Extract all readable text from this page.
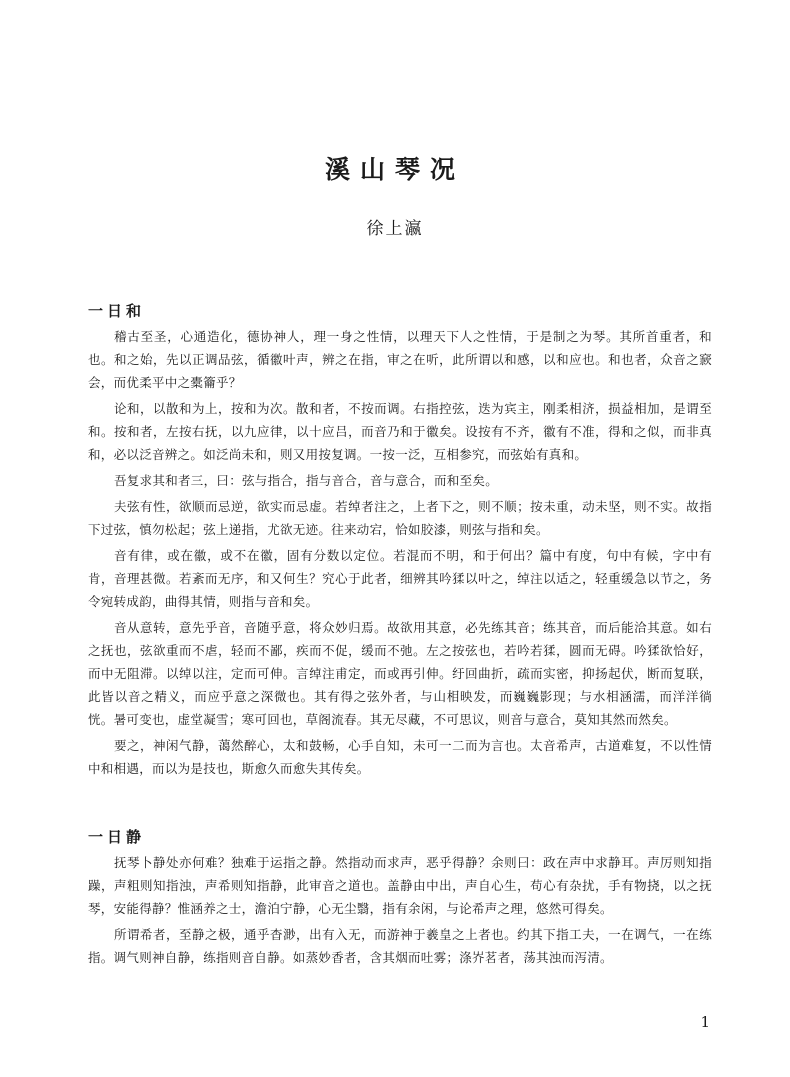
溪山琴况

徐上瀛

一日和

稽古至圣，心通造化，德协神人，理一身之性情，以理天下人之性情，于是制之为琴。其所首重者，和也。和之始，先以正调品弦，循徽叶声，辨之在指，审之在听，此所谓以和感，以和应也。和也者，众音之窾会，而优柔平中之橐籥乎？

论和，以散和为上，按和为次。散和者，不按而调。右指控弦，迭为宾主，刚柔相济，损益相加，是谓至和。按和者，左按右抚，以九应律，以十应吕，而音乃和于徽矣。设按有不齐，徽有不准，得和之似，而非真和，必以泛音辨之。如泛尚未和，则又用按复调。一按一泛，互相参究，而弦始有真和。

吾复求其和者三，曰：弦与指合，指与音合，音与意合，而和至矣。

夫弦有性，欲顺而忌逆，欲实而忌虚。若绰者注之，上者下之，则不顺；按未重，动未坚，则不实。故指下过弦，慎勿松起；弦上递指，尤欲无迹。往来动宕，恰如胶漆，则弦与指和矣。

音有律，或在徽，或不在徽，固有分数以定位。若混而不明，和于何出？篇中有度，句中有候，字中有肯，音理甚微。若紊而无序，和又何生？究心于此者，细辨其吟猱以叶之，绰注以适之，轻重缓急以节之，务令宛转成韵，曲得其情，则指与音和矣。

音从意转，意先乎音，音随乎意，将众妙归焉。故欲用其意，必先练其音；练其音，而后能洽其意。如右之抚也，弦欲重而不虐，轻而不鄙，疾而不促，缓而不弛。左之按弦也，若吟若猱，圆而无碍。吟猱欲恰好，而中无阻滞。以绰以注，定而可伸。言绰注甫定，而或再引伸。纡回曲折，疏而实密，抑扬起伏，断而复联，此皆以音之精义，而应乎意之深微也。其有得之弦外者，与山相映发，而巍巍影现；与水相涵濡，而洋洋徜恍。暑可变也，虚堂凝雪；寒可回也，草阁流春。其无尽藏，不可思议，则音与意合，莫知其然而然矣。

要之，神闲气静，蔼然醉心，太和鼓畅，心手自知，未可一二而为言也。太音希声，古道难复，不以性情中和相遇，而以为是技也，斯愈久而愈失其传矣。

一日静

抚琴卜静处亦何难？独难于运指之静。然指动而求声，恶乎得静？余则曰：政在声中求静耳。声厉则知指躁，声粗则知指浊，声希则知指静，此审音之道也。盖静由中出，声自心生，苟心有杂扰，手有物挠，以之抚琴，安能得静？惟涵养之士，澹泊宁静，心无尘翳，指有余闲，与论希声之理，悠然可得矣。

所谓希者，至静之极，通乎杳渺，出有入无，而游神于羲皇之上者也。约其下指工夫，一在调气，一在练指。调气则神自静，练指则音自静。如蒸妙香者，含其烟而吐雾；涤岕茗者，荡其浊而泻清。

1
